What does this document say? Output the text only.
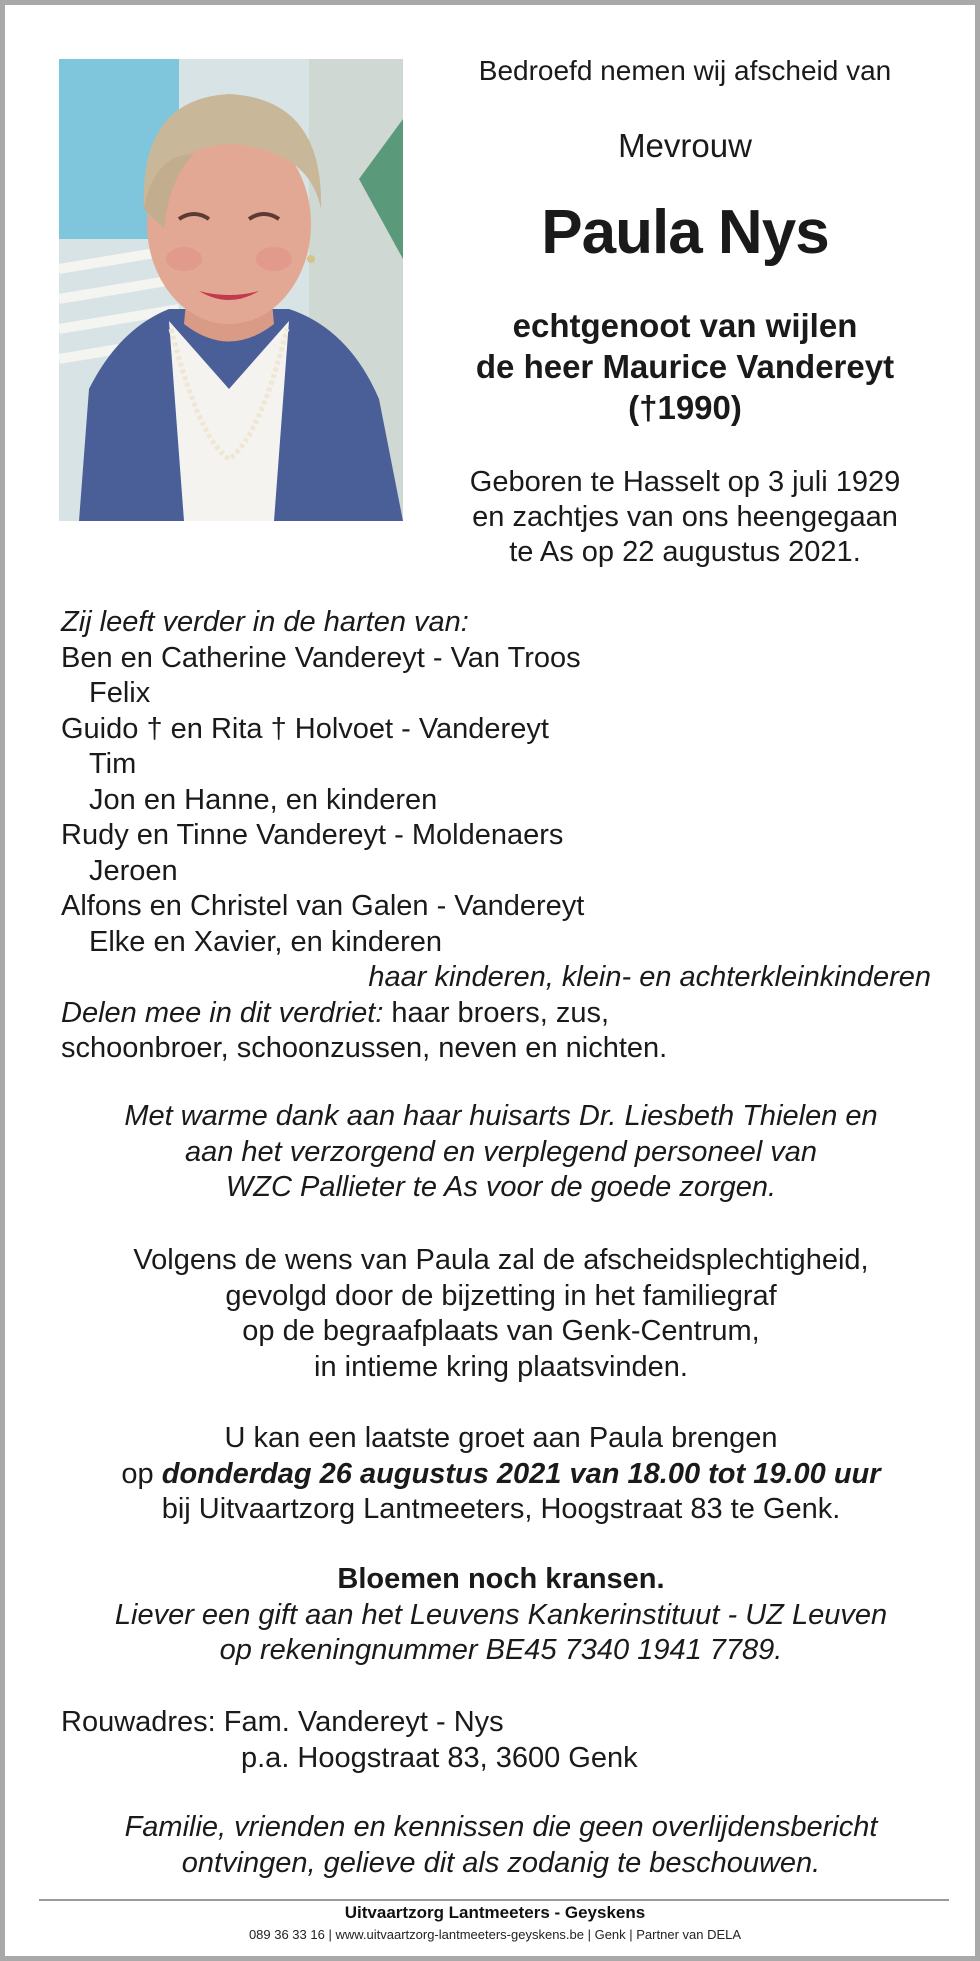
Bedroefd nemen wij afscheid van
Mevrouw
Paula Nys
echtgenoot van wijlen
de heer Maurice Vandereyt
(†1990)
Geboren te Hasselt op 3 juli 1929
en zachtjes van ons heengegaan
te As op 22 augustus 2021.
Zij leeft verder in de harten van:
Ben en Catherine Vandereyt - Van Troos
Felix
Guido † en Rita † Holvoet - Vandereyt
Tim
Jon en Hanne, en kinderen
Rudy en Tinne Vandereyt - Moldenaers
Jeroen
Alfons en Christel van Galen - Vandereyt
Elke en Xavier, en kinderen
haar kinderen, klein- en achterkleinkinderen
Delen mee in dit verdriet: haar broers, zus,
schoonbroer, schoonzussen, neven en nichten.
Met warme dank aan haar huisarts Dr. Liesbeth Thielen en
aan het verzorgend en verplegend personeel van
WZC Pallieter te As voor de goede zorgen.
Volgens de wens van Paula zal de afscheidsplechtigheid,
gevolgd door de bijzetting in het familiegraf
op de begraafplaats van Genk-Centrum,
in intieme kring plaatsvinden.
U kan een laatste groet aan Paula brengen
op donderdag 26 augustus 2021 van 18.00 tot 19.00 uur
bij Uitvaartzorg Lantmeeters, Hoogstraat 83 te Genk.
Bloemen noch kransen.
Liever een gift aan het Leuvens Kankerinstituut - UZ Leuven
op rekeningnummer BE45 7340 1941 7789.
Rouwadres: Fam. Vandereyt - Nys
p.a. Hoogstraat 83, 3600 Genk
Familie, vrienden en kennissen die geen overlijdensbericht
ontvingen, gelieve dit als zodanig te beschouwen.
Uitvaartzorg Lantmeeters - Geyskens
089 36 33 16 | www.uitvaartzorg-lantmeeters-geyskens.be | Genk | Partner van DELA
